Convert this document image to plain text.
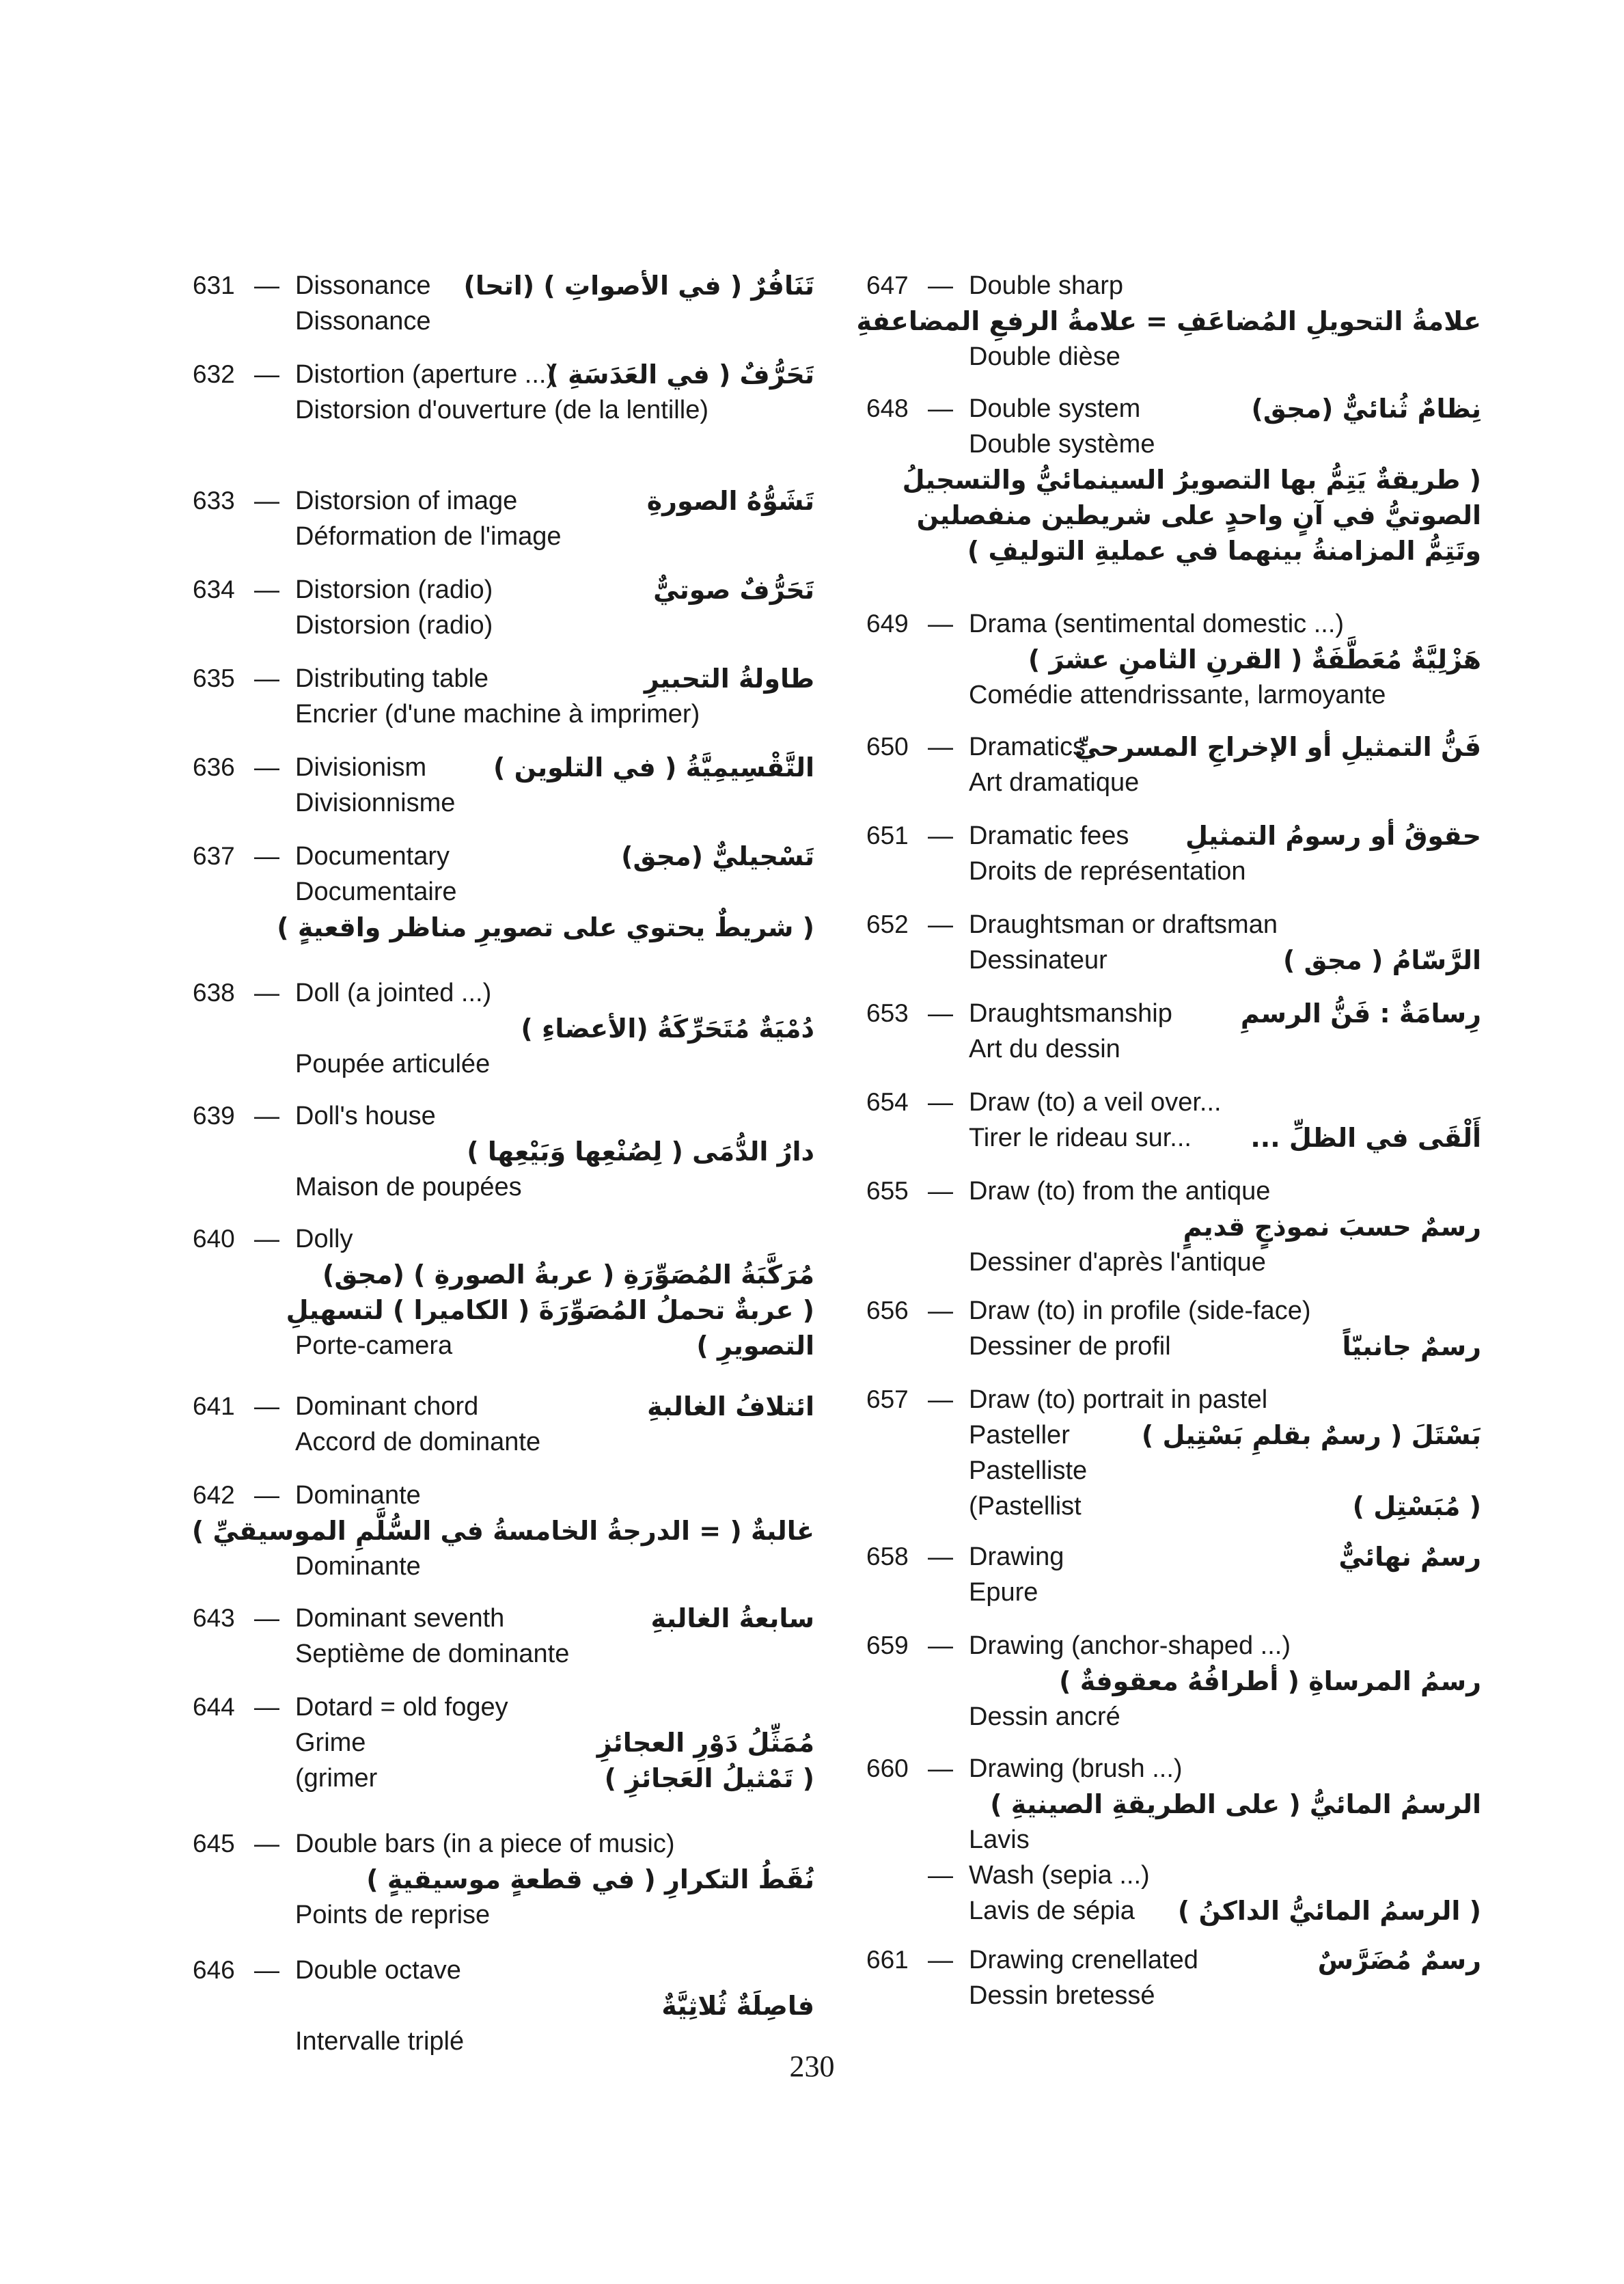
631 — Dissonance تَنَافُرٌ ( في الأصواتِ ) (اتحا)
Dissonance
632 — Distortion (aperture ...)
تَحَرُّفٌ ( في العَدَسَةِ )
Distorsion d'ouverture (de la lentille)
633 — Distorsion of image	تَشَوُّهُ الصورةِ
Déformation de l'image
634 — Distorsion (radio)	تَحَرُّفٌ صوتيٌّ
Distorsion (radio)
635 — Distributing table	طاولةُ التحبيرِ
Encrier (d'une machine à imprimer)
636 — Divisionism	التَّقْسِيمِيَّةُ ( في التلوين )
Divisionnisme
637 — Documentary	تَسْجيليٌّ (مجق)
Documentaire
( شريطٌ يحتوي على تصويرِ مناظر واقعيةٍ )
638 — Doll (a jointed ...)
دُمْيَةٌ مُتَحَرِّكَةُ (الأعضاءِ )
Poupée articulée
639 — Doll's house
دارُ الدُّمَى ( لِصُنْعِها وَبَيْعِها )
Maison de poupées
640 — Dolly
مُرَكَّبَةُ المُصَوِّرَةِ ( عربةُ الصورةِ ) (مجق)
( عربةٌ تحملُ المُصَوِّرَةَ ( الكاميرا ) لتسهيلِ
Porte-camera	التصويرِ )
641 — Dominant chord	ائتلافُ الغالبةِ
Accord de dominante
642 — Dominante
غالبةٌ ( = الدرجةُ الخامسةُ في السُّلَّمِ الموسيقيِّ )
Dominante
643 — Dominant seventh	سابعةُ الغالبةِ
Septième de dominante
644 — Dotard = old fogey
Grime	مُمَثِّلُ دَوْرِ العجائزِ
(grimer	( تَمْثيلُ العَجائزِ )
645 — Double bars (in a piece of music)
نُقَطُ التكرارِ ( في قطعةٍ موسيقيةٍ )
Points de reprise
646 — Double octave
فاصِلَةٌ ثُلاثِيَّةٌ
Intervalle triplé
647 — Double sharp
علامةُ التحويلِ المُضاعَفِ = علامةُ الرفعِ المضاعفةِ
Double dièse
648 — Double system	نِظامٌ ثُنائيٌّ (مجق)
Double système
( طريقةٌ يَتِمُّ بها التصويرُ السينمائيُّ والتسجيلُ
الصوتيُّ في آنٍ واحدٍ على شريطين منفصلين
وتَتِمُّ المزامنةُ بينهما في عمليةِ التوليفِ )
649 — Drama (sentimental domestic ...)
هَزْلِيَّةٌ مُعَطَّفَةٌ ( القرنِ الثامنِ عشرَ )
Comédie attendrissante, larmoyante
650 — Dramatics
فَنُّ التمثيلِ أو الإخراجِ المسرحيِّ
Art dramatique
651 — Dramatic fees حقوقُ أو رسومُ التمثيلِ
Droits de représentation
652 — Draughtsman or draftsman
Dessinateur	الرَّسّامُ ( مجق )
653 — Draughtsmanship	رِسامَةٌ : فَنُّ الرسمِ
Art du dessin
654 — Draw (to) a veil over...
Tirer le rideau sur... أَلْقَى في الظلِّ ...
655 — Draw (to) from the antique
رسمٌ حسبَ نموذجٍ قديمٍ
Dessiner d'après l'antique
656 — Draw (to) in profile (side-face)
Dessiner de profil	رسمٌ جانبيّاً
657 — Draw (to) portrait in pastel
Pasteller	بَسْتَلَ ( رسمٌ بقلمِ بَسْتِيل )
Pastelliste
(Pastellist	( مُبَسْتِل )
658 — Drawing	رسمٌ نهائيٌّ
Epure
659 — Drawing (anchor-shaped ...)
رسمُ المرساةِ ( أطرافُهُ معقوفةٌ )
Dessin ancré
660 — Drawing (brush ...)
الرسمُ المائيُّ ( على الطريقةِ الصينيةِ )
Lavis
— Wash (sepia ...)
Lavis de sépia ( الرسمُ المائيُّ الداكنُ )
661 — Drawing crenellated	رسمٌ مُضَرَّسٌ
Dessin bretessé
230
